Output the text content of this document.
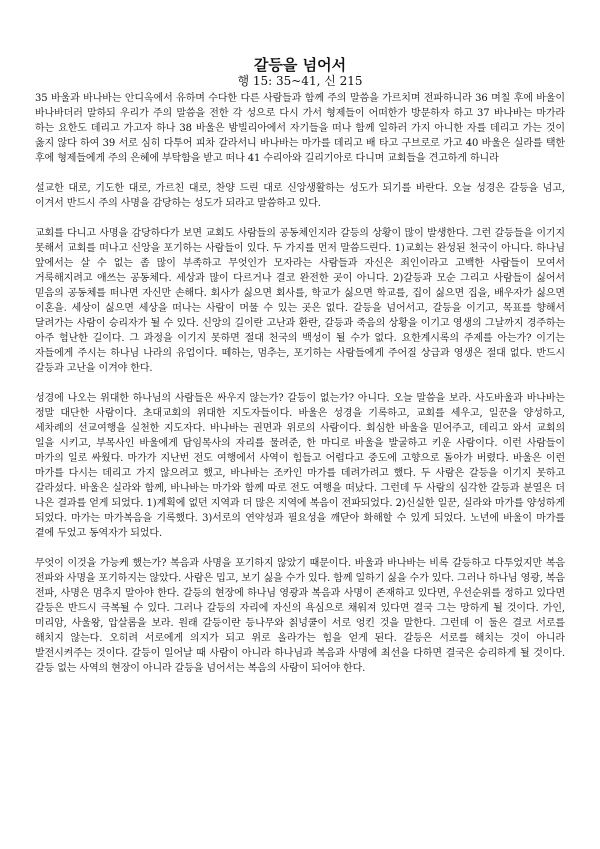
갈등을 넘어서
행 15: 35~41, 신 215

35 바울과 바나바는 안디옥에서 유하며 수다한 다른 사람들과 함께 주의 말씀을 가르치며 전파하니라 36 며칠 후에 바울이 바나바더러 말하되 우리가 주의 말씀을 전한 각 성으로 다시 가서 형제들이 어떠한가 방문하자 하고 37 바나바는 마가라 하는 요한도 데리고 가고자 하나 38 바울은 밤빌리아에서 자기들을 떠나 함께 일하러 가지 아니한 자를 데리고 가는 것이 옳지 않다 하여 39 서로 심히 다투어 피차 갈라서니 바나바는 마가를 데리고 배 타고 구브로로 가고 40 바울은 실라를 택한 후에 형제들에게 주의 은혜에 부탁함을 받고 떠나 41 수리아와 길리기아로 다니며 교회들을 견고하게 하니라

설교한 대로, 기도한 대로, 가르친 대로, 찬양 드린 대로 신앙생활하는 성도가 되기를 바란다. 오늘 성경은 갈등을 넘고, 이겨서 반드시 주의 사명을 감당하는 성도가 되라고 말씀하고 있다.

교회를 다니고 사명을 감당하다가 보면 교회도 사람들의 공동체인지라 갈등의 상황이 많이 발생한다. 그런 갈등들을 이기지 못해서 교회를 떠나고 신앙을 포기하는 사람들이 있다. 두 가지를 먼저 말씀드린다. 1)교회는 완성된 천국이 아니다. 하나님 앞에서는 살 수 없는 좀 많이 부족하고 무엇인가 모자라는 사람들과 자신은 죄인이라고 고백한 사람들이 모여서 거룩해지려고 애쓰는 공동체다. 세상과 많이 다르거나 결코 완전한 곳이 아니다. 2)갈등과 모순 그리고 사람들이 싫어서 믿음의 공동체를 떠나면 자신만 손해다. 회사가 싫으면 회사를, 학교가 싫으면 학교를, 집이 싫으면 집을, 배우자가 싫으면 이혼을. 세상이 싫으면 세상을 떠나는 사람이 머물 수 있는 곳은 없다. 갈등을 넘어서고, 갈등을 이기고, 목표를 향해서 달려가는 사람이 승리자가 될 수 있다. 신앙의 길이란 고난과 환란, 갈등과 죽음의 상황을 이기고 영생의 그날까지 경주하는 아주 험난한 길이다. 그 과정을 이기지 못하면 절대 천국의 백성이 될 수가 없다. 요한계시록의 주제를 아는가? 이기는 자들에게 주시는 하나님 나라의 유업이다. 떼하는, 멈추는, 포기하는 사람들에게 주어질 상급과 영생은 절대 없다. 반드시 갈등과 고난을 이겨야 한다.

성경에 나오는 위대한 하나님의 사람들은 싸우지 않는가? 갈등이 없는가? 아니다. 오늘 말씀을 보라. 사도바울과 바나바는 정말 대단한 사람이다. 초대교회의 위대한 지도자들이다. 바울은 성경을 기록하고, 교회를 세우고, 일꾼을 양성하고, 세차례의 선교여행을 실천한 지도자다. 바나바는 권면과 위로의 사람이다. 회심한 바울을 믿어주고, 데리고 와서 교회의 일을 시키고, 부목사인 바울에게 담임목사의 자리를 물려준, 한 마디로 바울을 발굴하고 키운 사람이다. 이런 사람들이 마가의 일로 싸웠다. 마가가 지난번 전도 여행에서 사역이 힘들고 어렵다고 중도에 고향으로 돌아가 버렸다. 바울은 이런 마가를 다시는 데리고 가지 않으려고 했고, 바나바는 조카인 마가를 데려가려고 했다. 두 사람은 갈등을 이기지 못하고 갈라섰다. 바울은 실라와 함께, 바나바는 마가와 함께 따로 전도 여행을 떠났다. 그런데 두 사람의 심각한 갈등과 분열은 더 나은 결과를 얻게 되었다. 1)계획에 없던 지역과 더 많은 지역에 복음이 전파되었다. 2)신실한 일꾼, 실라와 마가를 양성하게 되었다. 마가는 마가복음을 기록했다. 3)서로의 연약성과 필요성을 깨닫아 화해할 수 있게 되었다. 노년에 바울이 마가를 곁에 두었고 동역자가 되었다.

무엇이 이것을 가능케 했는가? 복음과 사명을 포기하지 않았기 때문이다. 바울과 바나바는 비록 갈등하고 다투었지만 복음 전파와 사명을 포기하지는 않았다. 사람은 밉고, 보기 싫을 수가 있다. 함께 일하기 싫을 수가 있다. 그러나 하나님 영광, 복음 전파, 사명은 멈추지 말아야 한다. 갈등의 현장에 하나님 영광과 복음과 사명이 존재하고 있다면, 우선순위를 정하고 있다면 갈등은 반드시 극복될 수 있다. 그러나 갈등의 자리에 자신의 욕심으로 채워져 있다면 결국 그는 망하게 될 것이다. 가인, 미리암, 사울왕, 압살롬을 보라. 원래 갈등이란 등나무와 칡넝쿨이 서로 엉킨 것을 말한다. 그런데 이 둘은 결코 서로를 해치지 않는다. 오히려 서로에게 의지가 되고 위로 올라가는 힘을 얻게 된다. 갈등은 서로를 해치는 것이 아니라 발전시켜주는 것이다. 갈등이 일어날 때 사람이 아니라 하나님과 복음과 사명에 최선을 다하면 결국은 승리하게 될 것이다. 갈등 없는 사역의 현장이 아니라 갈등을 넘어서는 복음의 사람이 되어야 한다.
